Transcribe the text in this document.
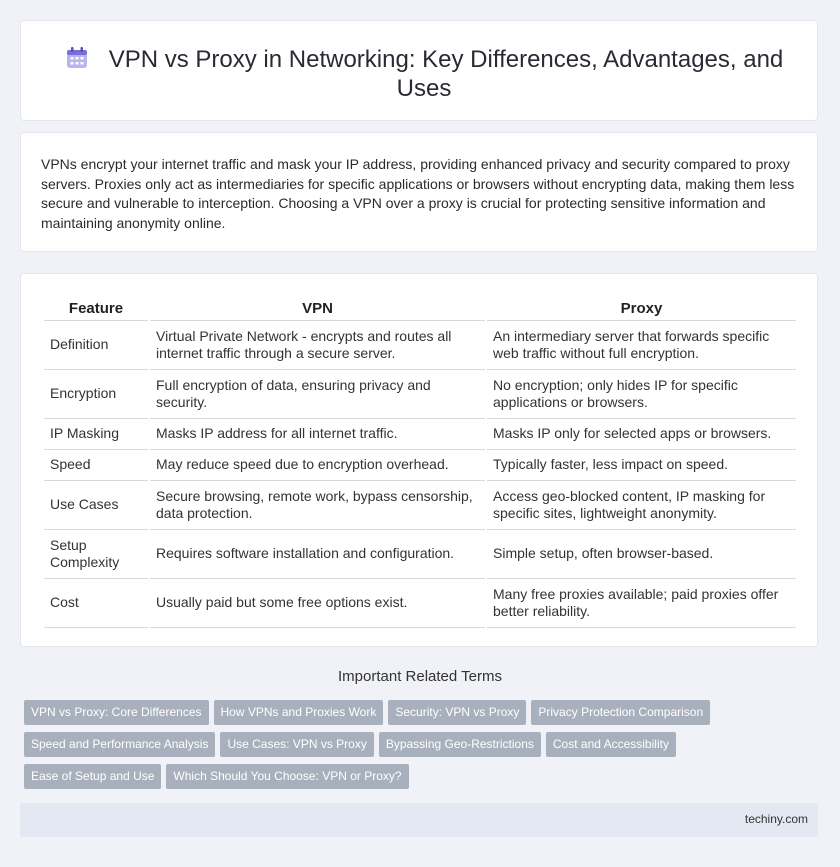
VPN vs Proxy in Networking: Key Differences, Advantages, and Uses

VPNs encrypt your internet traffic and mask your IP address, providing enhanced privacy and security compared to proxy servers. Proxies only act as intermediaries for specific applications or browsers without encrypting data, making them less secure and vulnerable to interception. Choosing a VPN over a proxy is crucial for protecting sensitive information and maintaining anonymity online.

Feature	VPN	Proxy
Definition	Virtual Private Network - encrypts and routes all internet traffic through a secure server.	An intermediary server that forwards specific web traffic without full encryption.
Encryption	Full encryption of data, ensuring privacy and security.	No encryption; only hides IP for specific applications or browsers.
IP Masking	Masks IP address for all internet traffic.	Masks IP only for selected apps or browsers.
Speed	May reduce speed due to encryption overhead.	Typically faster, less impact on speed.
Use Cases	Secure browsing, remote work, bypass censorship, data protection.	Access geo-blocked content, IP masking for specific sites, lightweight anonymity.
Setup Complexity	Requires software installation and configuration.	Simple setup, often browser-based.
Cost	Usually paid but some free options exist.	Many free proxies available; paid proxies offer better reliability.
Important Related Terms
VPN vs Proxy: Core Differences How VPNs and Proxies Work Security: VPN vs Proxy Privacy Protection Comparison
Speed and Performance Analysis Use Cases: VPN vs Proxy Bypassing Geo-Restrictions Cost and Accessibility
Ease of Setup and Use Which Should You Choose: VPN or Proxy?
techiny.com
